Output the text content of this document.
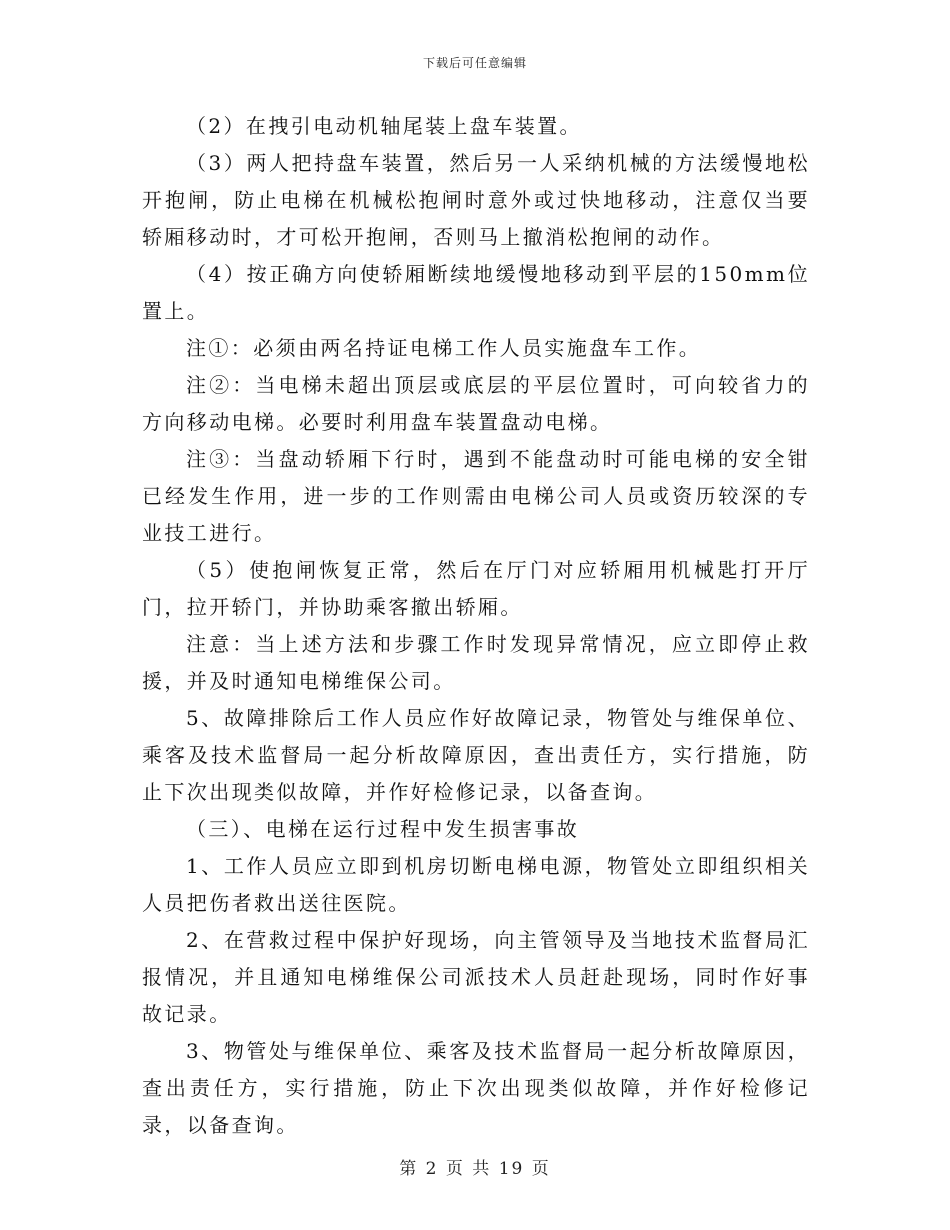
下载后可任意编辑

（2）在拽引电动机轴尾装上盘车装置。

（3）两人把持盘车装置，然后另一人采纳机械的方法缓慢地松开抱闸，防止电梯在机械松抱闸时意外或过快地移动，注意仅当要轿厢移动时，才可松开抱闸，否则马上撤消松抱闸的动作。

（4）按正确方向使轿厢断续地缓慢地移动到平层的150mm位置上。

注①：必须由两名持证电梯工作人员实施盘车工作。

注②：当电梯未超出顶层或底层的平层位置时，可向较省力的方向移动电梯。必要时利用盘车装置盘动电梯。

注③：当盘动轿厢下行时，遇到不能盘动时可能电梯的安全钳已经发生作用，进一步的工作则需由电梯公司人员或资历较深的专业技工进行。

（5）使抱闸恢复正常，然后在厅门对应轿厢用机械匙打开厅门，拉开轿门，并协助乘客撤出轿厢。

注意：当上述方法和步骤工作时发现异常情况，应立即停止救援，并及时通知电梯维保公司。

5、故障排除后工作人员应作好故障记录，物管处与维保单位、乘客及技术监督局一起分析故障原因，查出责任方，实行措施，防止下次出现类似故障，并作好检修记录，以备查询。

（三）、电梯在运行过程中发生损害事故

1、工作人员应立即到机房切断电梯电源，物管处立即组织相关人员把伤者救出送往医院。

2、在营救过程中保护好现场，向主管领导及当地技术监督局汇报情况，并且通知电梯维保公司派技术人员赶赴现场，同时作好事故记录。

3、物管处与维保单位、乘客及技术监督局一起分析故障原因，查出责任方，实行措施，防止下次出现类似故障，并作好检修记录，以备查询。

第 2 页 共 19 页
